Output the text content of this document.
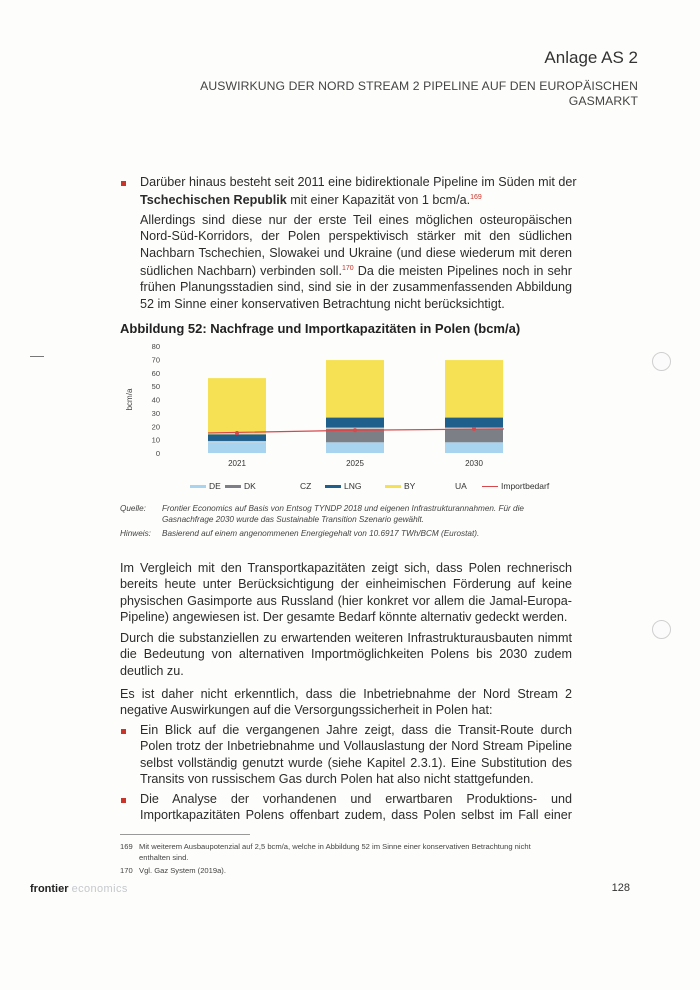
Anlage AS 2
AUSWIRKUNG DER NORD STREAM 2 PIPELINE AUF DEN EUROPÄISCHEN GASMARKT
Darüber hinaus besteht seit 2011 eine bidirektionale Pipeline im Süden mit der Tschechischen Republik mit einer Kapazität von 1 bcm/a.$^{169}$
Allerdings sind diese nur der erste Teil eines möglichen osteuropäischen Nord-Süd-Korridors, der Polen perspektivisch stärker mit den südlichen Nachbarn Tschechien, Slowakei und Ukraine (und diese wiederum mit deren südlichen Nachbarn) verbinden soll.$^{170}$ Da die meisten Pipelines noch in sehr frühen Planungsstadien sind, sind sie in der zusammenfassenden Abbildung 52 im Sinne einer konservativen Betrachtung nicht berücksichtigt.
Abbildung 52: Nachfrage und Importkapazitäten in Polen (bcm/a)
0
10
20
30
40
50
60
70
80
bcm/a
2021	2025	2030
DE	DK	CZ	LNG	BY	UA	Importbedarf
Quelle:	Frontier Economics auf Basis von Entsog TYNDP 2018 und eigenen Infrastrukturannahmen. Für die Gasnachfrage 2030 wurde das Sustainable Transition Szenario gewählt.
Hinweis:	Basierend auf einem angenommenen Energiegehalt von 10.6917 TWh/BCM (Eurostat).
Im Vergleich mit den Transportkapazitäten zeigt sich, dass Polen rechnerisch bereits heute unter Berücksichtigung der einheimischen Förderung auf keine physischen Gasimporte aus Russland (hier konkret vor allem die Jamal-Europa-Pipeline) angewiesen ist. Der gesamte Bedarf könnte alternativ gedeckt werden.
Durch die substanziellen zu erwartenden weiteren Infrastrukturausbauten nimmt die Bedeutung von alternativen Importmöglichkeiten Polens bis 2030 zudem deutlich zu.
Es ist daher nicht erkenntlich, dass die Inbetriebnahme der Nord Stream 2 negative Auswirkungen auf die Versorgungssicherheit in Polen hat:
Ein Blick auf die vergangenen Jahre zeigt, dass die Transit-Route durch Polen trotz der Inbetriebnahme und Vollauslastung der Nord Stream Pipeline selbst vollständig genutzt wurde (siehe Kapitel 2.3.1). Eine Substitution des Transits von russischem Gas durch Polen hat also nicht stattgefunden.
Die Analyse der vorhandenen und erwartbaren Produktions- und Importkapazitäten Polens offenbart zudem, dass Polen selbst im Fall einer
169 Mit weiterem Ausbaupotenzial auf 2,5 bcm/a, welche in Abbildung 52 im Sinne einer konservativen Betrachtung nicht enthalten sind.
170 Vgl. Gaz System (2019a).
frontier economics	128
